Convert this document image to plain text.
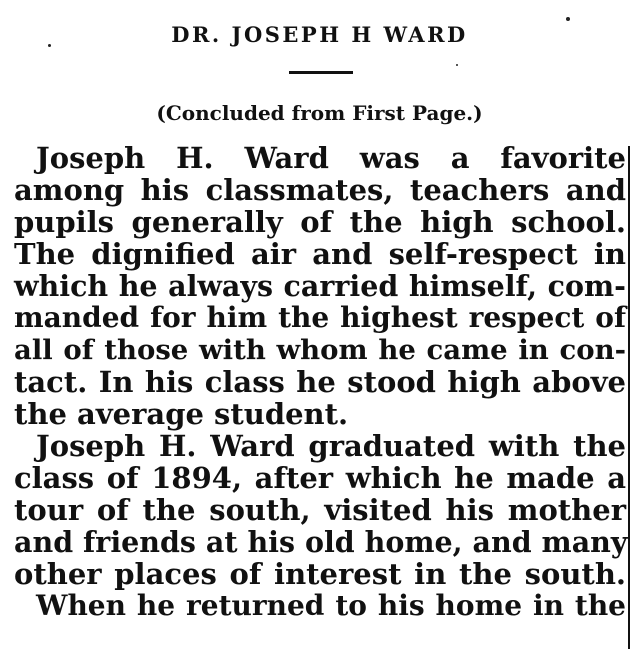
DR. JOSEPH H WARD
(Concluded from First Page.)
Joseph H. Ward was a favorite
among his classmates, teachers and
pupils generally of the high school.
The dignified air and self-respect in
which he always carried himself, com-
manded for him the highest respect of
all of those with whom he came in con-
tact. In his class he stood high above
the average student.
Joseph H. Ward graduated with the
class of 1894, after which he made a
tour of the south, visited his mother
and friends at his old home, and many
other places of interest in the south.
When he returned to his home in the
